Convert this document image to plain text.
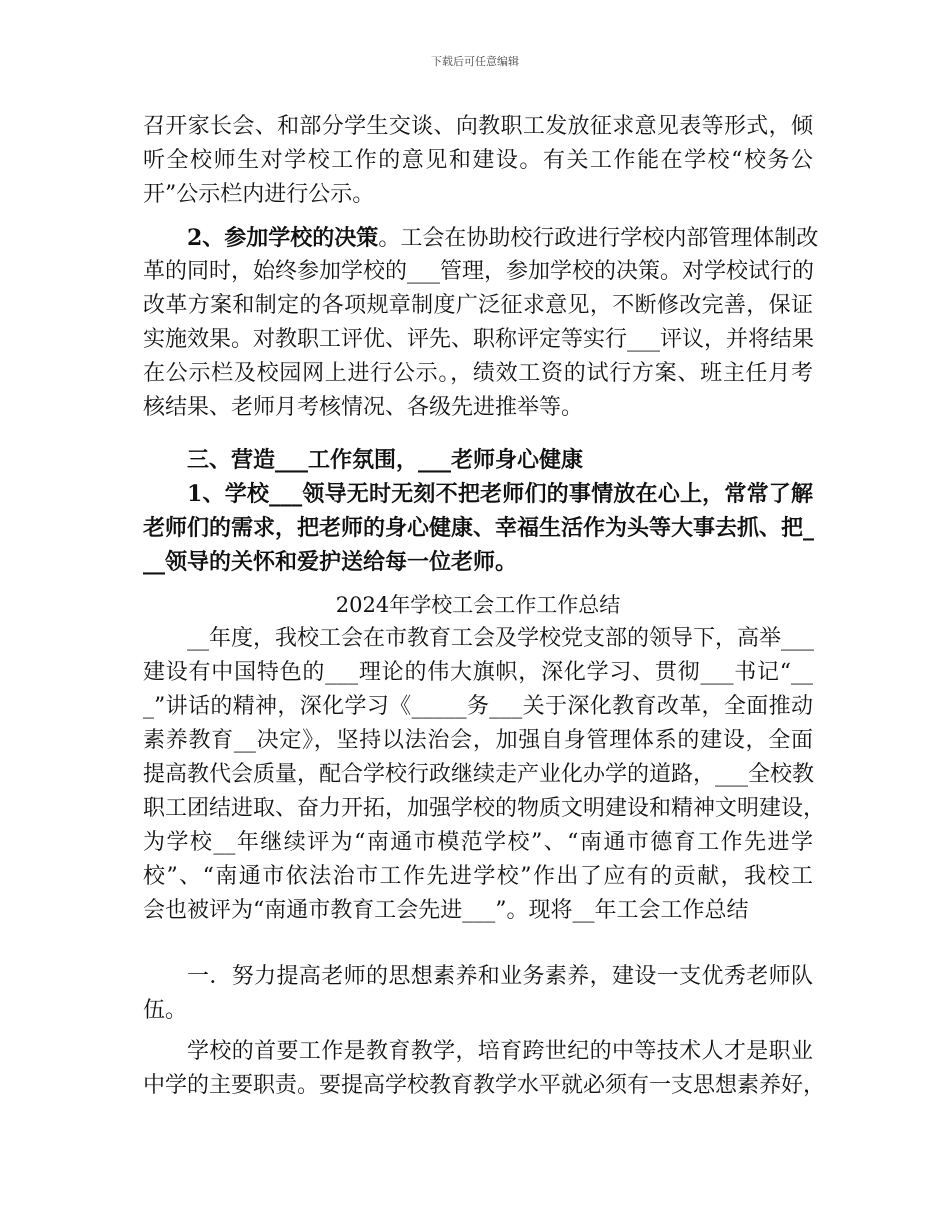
下载后可任意编辑
召开家长会、和部分学生交谈、向教职工发放征求意见表等形式，倾
听全校师生对学校工作的意见和建设。有关工作能在学校“校务公
开”公示栏内进行公示。
2、参加学校的决策。工会在协助校行政进行学校内部管理体制改
革的同时，始终参加学校的___管理，参加学校的决策。对学校试行的
改革方案和制定的各项规章制度广泛征求意见，不断修改完善，保证
实施效果。对教职工评优、评先、职称评定等实行___评议，并将结果
在公示栏及校园网上进行公示。，绩效工资的试行方案、班主任月考
核结果、老师月考核情况、各级先进推举等。
三、营造___工作氛围，___老师身心健康
1、学校___领导无时无刻不把老师们的事情放在心上，常常了解
老师们的需求，把老师的身心健康、幸福生活作为头等大事去抓、把_
__领导的关怀和爱护送给每一位老师。
2024年学校工会工作工作总结
__年度，我校工会在市教育工会及学校党支部的领导下，高举___
建设有中国特色的___理论的伟大旗帜，深化学习、贯彻___书记“__
_”讲话的精神，深化学习《_____务___关于深化教育改革，全面推动
素养教育__决定》，坚持以法治会，加强自身管理体系的建设，全面
提高教代会质量，配合学校行政继续走产业化办学的道路，___全校教
职工团结进取、奋力开拓，加强学校的物质文明建设和精神文明建设，
为学校__年继续评为“南通市模范学校”、“南通市德育工作先进学
校”、“南通市依法治市工作先进学校”作出了应有的贡献，我校工
会也被评为“南通市教育工会先进___”。现将__年工会工作总结
一．努力提高老师的思想素养和业务素养，建设一支优秀老师队
伍。
学校的首要工作是教育教学，培育跨世纪的中等技术人才是职业
中学的主要职责。要提高学校教育教学水平就必须有一支思想素养好，
